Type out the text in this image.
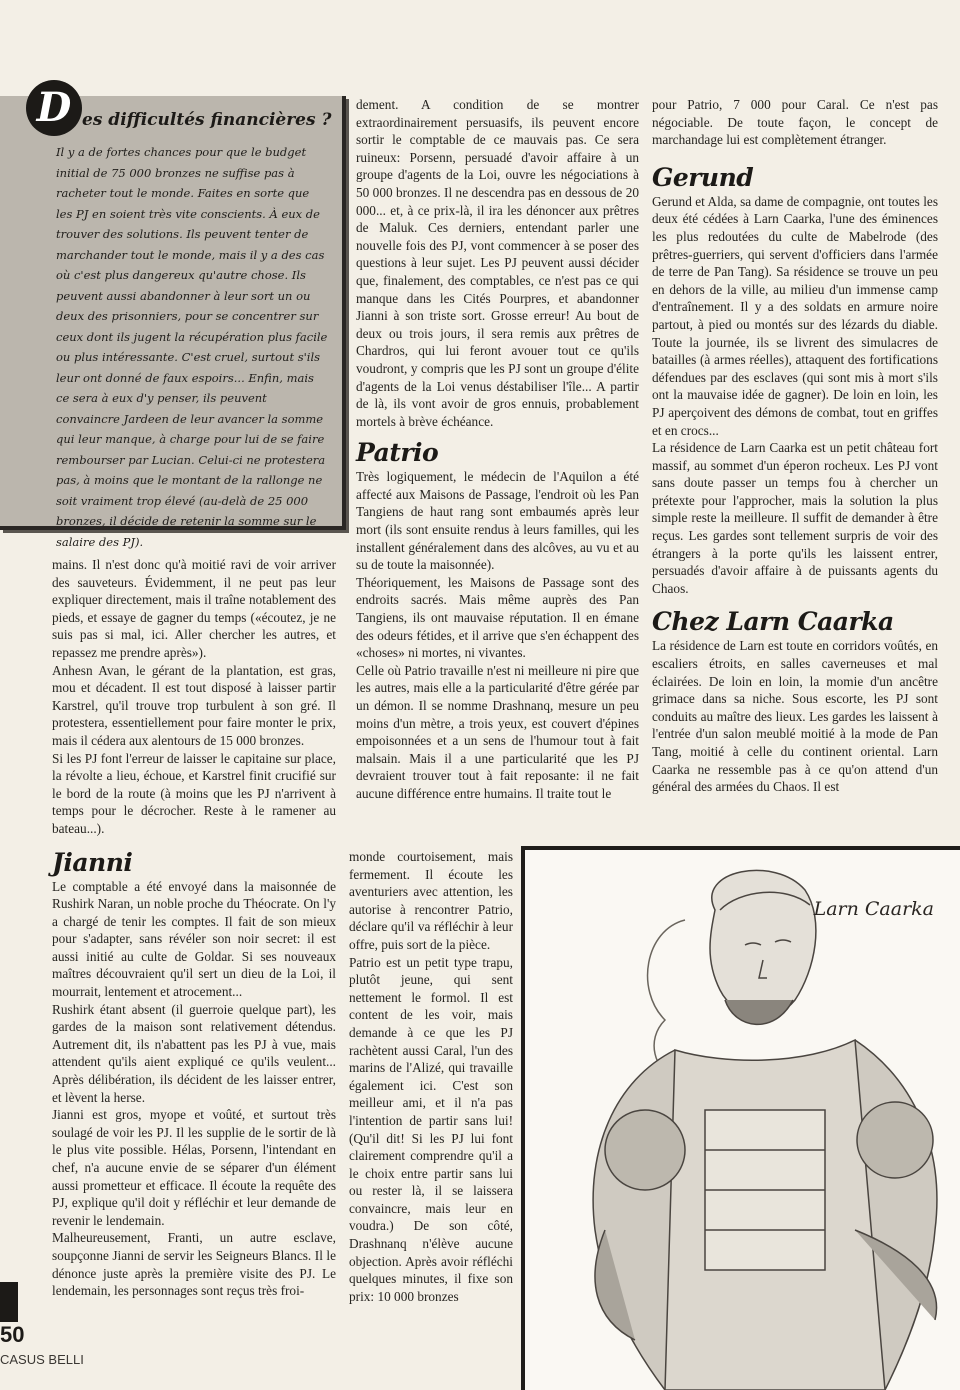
D es difficultés financières ?

Il y a de fortes chances pour que le budget initial de 75 000 bronzes ne suffise pas à racheter tout le monde. Faites en sorte que les PJ en soient très vite conscients. À eux de trouver des solutions. Ils peuvent tenter de marchander tout le monde, mais il y a des cas où c'est plus dangereux qu'autre chose. Ils peuvent aussi abandonner à leur sort un ou deux des prisonniers, pour se concentrer sur ceux dont ils jugent la récupération plus facile ou plus intéressante. C'est cruel, surtout s'ils leur ont donné de faux espoirs... Enfin, mais ce sera à eux d'y penser, ils peuvent convaincre Jardeen de leur avancer la somme qui leur manque, à charge pour lui de se faire rembourser par Lucian. Celui-ci ne protestera pas, à moins que le montant de la rallonge ne soit vraiment trop élevé (au-delà de 25 000 bronzes, il décide de retenir la somme sur le salaire des PJ).

mains. Il n'est donc qu'à moitié ravi de voir arriver des sauveteurs. Évidemment, il ne peut pas leur expliquer directement, mais il traîne notablement des pieds, et essaye de gagner du temps («écoutez, je ne suis pas si mal, ici. Aller chercher les autres, et repassez me prendre après»).

Anhesn Avan, le gérant de la plantation, est gras, mou et décadent. Il est tout disposé à laisser partir Karstrel, qu'il trouve trop turbulent à son gré. Il protestera, essentiellement pour faire monter le prix, mais il cédera aux alentours de 15 000 bronzes.

Si les PJ font l'erreur de laisser le capitaine sur place, la révolte a lieu, échoue, et Karstrel finit crucifié sur le bord de la route (à moins que les PJ n'arrivent à temps pour le décrocher. Reste à le ramener au bateau...).

Jianni

Le comptable a été envoyé dans la maisonnée de Rushirk Naran, un noble proche du Théocrate. On l'y a chargé de tenir les comptes. Il fait de son mieux pour s'adapter, sans révéler son noir secret: il est aussi initié au culte de Goldar. Si ses nouveaux maîtres découvraient qu'il sert un dieu de la Loi, il mourrait, lentement et atrocement...

Rushirk étant absent (il guerroie quelque part), les gardes de la maison sont relativement détendus. Autrement dit, ils n'abattent pas les PJ à vue, mais attendent qu'ils aient expliqué ce qu'ils veulent... Après délibération, ils décident de les laisser entrer, et lèvent la herse.

Jianni est gros, myope et voûté, et surtout très soulagé de voir les PJ. Il les supplie de le sortir de là le plus vite possible. Hélas, Porsenn, l'intendant en chef, n'a aucune envie de se séparer d'un élément aussi prometteur et efficace. Il écoute la requête des PJ, explique qu'il doit y réfléchir et leur demande de revenir le lendemain.

Malheureusement, Franti, un autre esclave, soupçonne Jianni de servir les Seigneurs Blancs. Il le dénonce juste après la première visite des PJ. Le lendemain, les personnages sont reçus très froi-

dement. A condition de se montrer extraordinairement persuasifs, ils peuvent encore sortir le comptable de ce mauvais pas. Ce sera ruineux: Porsenn, persuadé d'avoir affaire à un groupe d'agents de la Loi, ouvre les négociations à 50 000 bronzes. Il ne descendra pas en dessous de 20 000... et, à ce prix-là, il ira les dénoncer aux prêtres de Maluk. Ces derniers, entendant parler une nouvelle fois des PJ, vont commencer à se poser des questions à leur sujet. Les PJ peuvent aussi décider que, finalement, des comptables, ce n'est pas ce qui manque dans les Cités Pourpres, et abandonner Jianni à son triste sort. Grosse erreur! Au bout de deux ou trois jours, il sera remis aux prêtres de Chardros, qui lui feront avouer tout ce qu'ils voudront, y compris que les PJ sont un groupe d'élite d'agents de la Loi venus déstabiliser l'île... A partir de là, ils vont avoir de gros ennuis, probablement mortels à brève échéance.

Patrio

Très logiquement, le médecin de l'Aquilon a été affecté aux Maisons de Passage, l'endroit où les Pan Tangiens de haut rang sont embaumés après leur mort (ils sont ensuite rendus à leurs familles, qui les installent généralement dans des alcôves, au vu et au su de toute la maisonnée).

Théoriquement, les Maisons de Passage sont des endroits sacrés. Mais même auprès des Pan Tangiens, ils ont mauvaise réputation. Il en émane des odeurs fétides, et il arrive que s'en échappent des «choses» ni mortes, ni vivantes.

Celle où Patrio travaille n'est ni meilleure ni pire que les autres, mais elle a la particularité d'être gérée par un démon. Il se nomme Drashnanq, mesure un peu moins d'un mètre, a trois yeux, est couvert d'épines empoisonnées et a un sens de l'humour tout à fait malsain. Mais il a une particularité que les PJ devraient trouver tout à fait reposante: il ne fait aucune différence entre humains. Il traite tout le

monde courtoisement, mais fermement. Il écoute les aventuriers avec attention, les autorise à rencontrer Patrio, déclare qu'il va réfléchir à leur offre, puis sort de la pièce.

Patrio est un petit type trapu, plutôt jeune, qui sent nettement le formol. Il est content de les voir, mais demande à ce que les PJ rachètent aussi Caral, l'un des marins de l'Alizé, qui travaille également ici. C'est son meilleur ami, et il n'a pas l'intention de partir sans lui! (Qu'il dit! Si les PJ lui font clairement comprendre qu'il a le choix entre partir sans lui ou rester là, il se laissera convaincre, mais leur en voudra.) De son côté, Drashnanq n'élève aucune objection. Après avoir réfléchi quelques minutes, il fixe son prix: 10 000 bronzes

pour Patrio, 7 000 pour Caral. Ce n'est pas négociable. De toute façon, le concept de marchandage lui est complètement étranger.

Gerund

Gerund et Alda, sa dame de compagnie, ont toutes les deux été cédées à Larn Caarka, l'une des éminences les plus redoutées du culte de Mabelrode (des prêtres-guerriers, qui servent d'officiers dans l'armée de terre de Pan Tang). Sa résidence se trouve un peu en dehors de la ville, au milieu d'un immense camp d'entraînement. Il y a des soldats en armure noire partout, à pied ou montés sur des lézards du diable. Toute la journée, ils se livrent des simulacres de batailles (à armes réelles), attaquent des fortifications défendues par des esclaves (qui sont mis à mort s'ils ont la mauvaise idée de gagner). De loin en loin, les PJ aperçoivent des démons de combat, tout en griffes et en crocs...

La résidence de Larn Caarka est un petit château fort massif, au sommet d'un éperon rocheux. Les PJ vont sans doute passer un temps fou à chercher un prétexte pour l'approcher, mais la solution la plus simple reste la meilleure. Il suffit de demander à être reçus. Les gardes sont tellement surpris de voir des étrangers à la porte qu'ils les laissent entrer, persuadés d'avoir affaire à de puissants agents du Chaos.

Chez Larn Caarka

La résidence de Larn est toute en corridors voûtés, en escaliers étroits, en salles caverneuses et mal éclairées. De loin en loin, la momie d'un ancêtre grimace dans sa niche. Sous escorte, les PJ sont conduits au maître des lieux. Les gardes les laissent à l'entrée d'un salon meublé moitié à la mode de Pan Tang, moitié à celle du continent oriental. Larn Caarka ne ressemble pas à ce qu'on attend d'un général des armées du Chaos. Il est

Larn Caarka
50
CASUS BELLI
